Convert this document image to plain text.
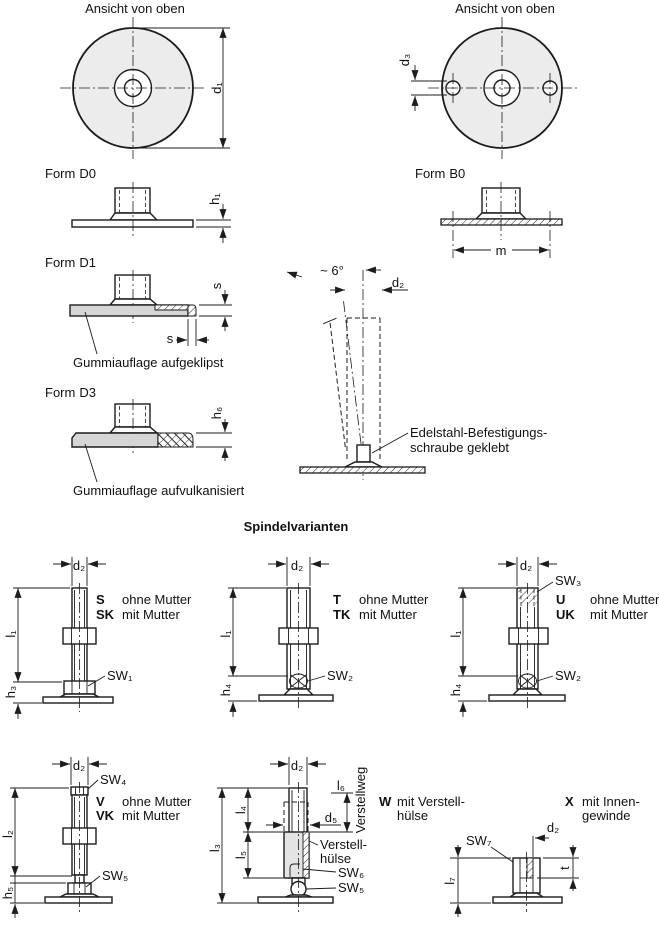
Ansicht von oben
d₁
Ansicht von oben
d₃
Form D0
h₁
Form B0
m
Form D1
s
s
Gummiauflage aufgeklipst
Form D3
h₆
Gummiauflage aufvulkanisiert
~ 6°
d₂
Edelstahl-Befestigungs-
schraube geklebt
Spindelvarianten
d₂
l₁
h₃
SW₁
S ohne Mutter
SK mit Mutter
d₂
l₁
h₄
SW₂
T ohne Mutter
TK mit Mutter
d₂
l₁
h₄
SW₃
SW₂
U ohne Mutter
UK mit Mutter
d₂
l₂
h₅
SW₄
SW₅
V ohne Mutter
VK mit Mutter
d₂
l₃
l₄
l₅
l₆ Verstellweg
d₅
Verstell-
hülse
SW₆
SW₅
W mit Verstell-
hülse
X mit Innen-
gewinde
d₂
SW₇
t
l₇
